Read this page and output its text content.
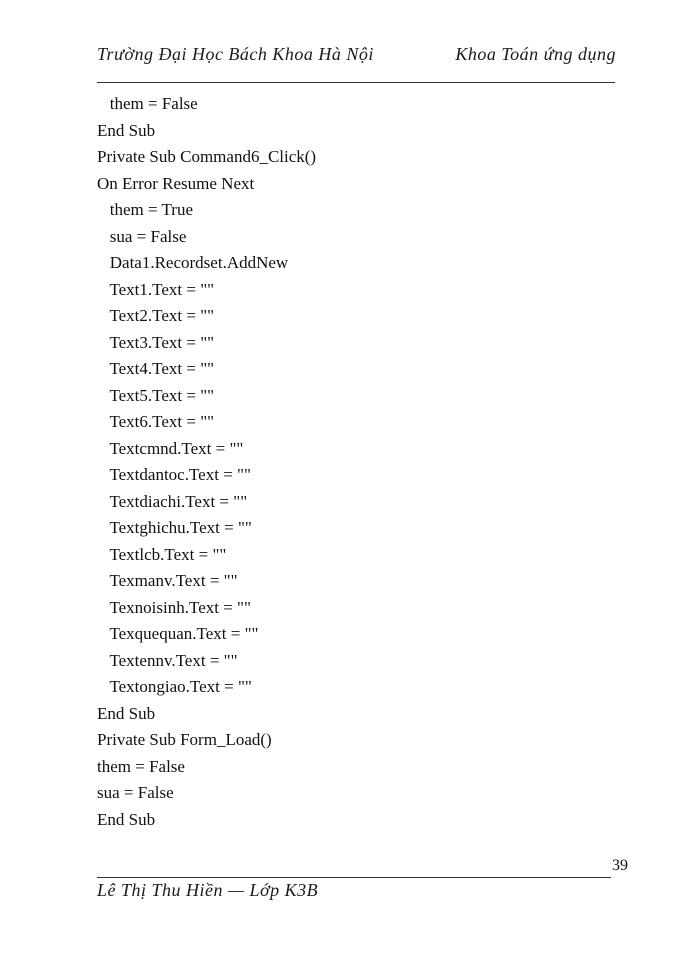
Trường Đại Học Bách Khoa Hà Nội	Khoa Toán ứng dụng
them = False
End Sub
Private Sub Command6_Click()
On Error Resume Next
them = True
sua = False
Data1.Recordset.AddNew
Text1.Text = ""
Text2.Text = ""
Text3.Text = ""
Text4.Text = ""
Text5.Text = ""
Text6.Text = ""
Textcmnd.Text = ""
Textdantoc.Text = ""
Textdiachi.Text = ""
Textghichu.Text = ""
Textlcb.Text = ""
Texmanv.Text = ""
Texnoisinh.Text = ""
Texquequan.Text = ""
Textennv.Text = ""
Textongiao.Text = ""
End Sub
Private Sub Form_Load()
them = False
sua = False
End Sub
39
Lê Thị Thu Hiền — Lớp K3B
